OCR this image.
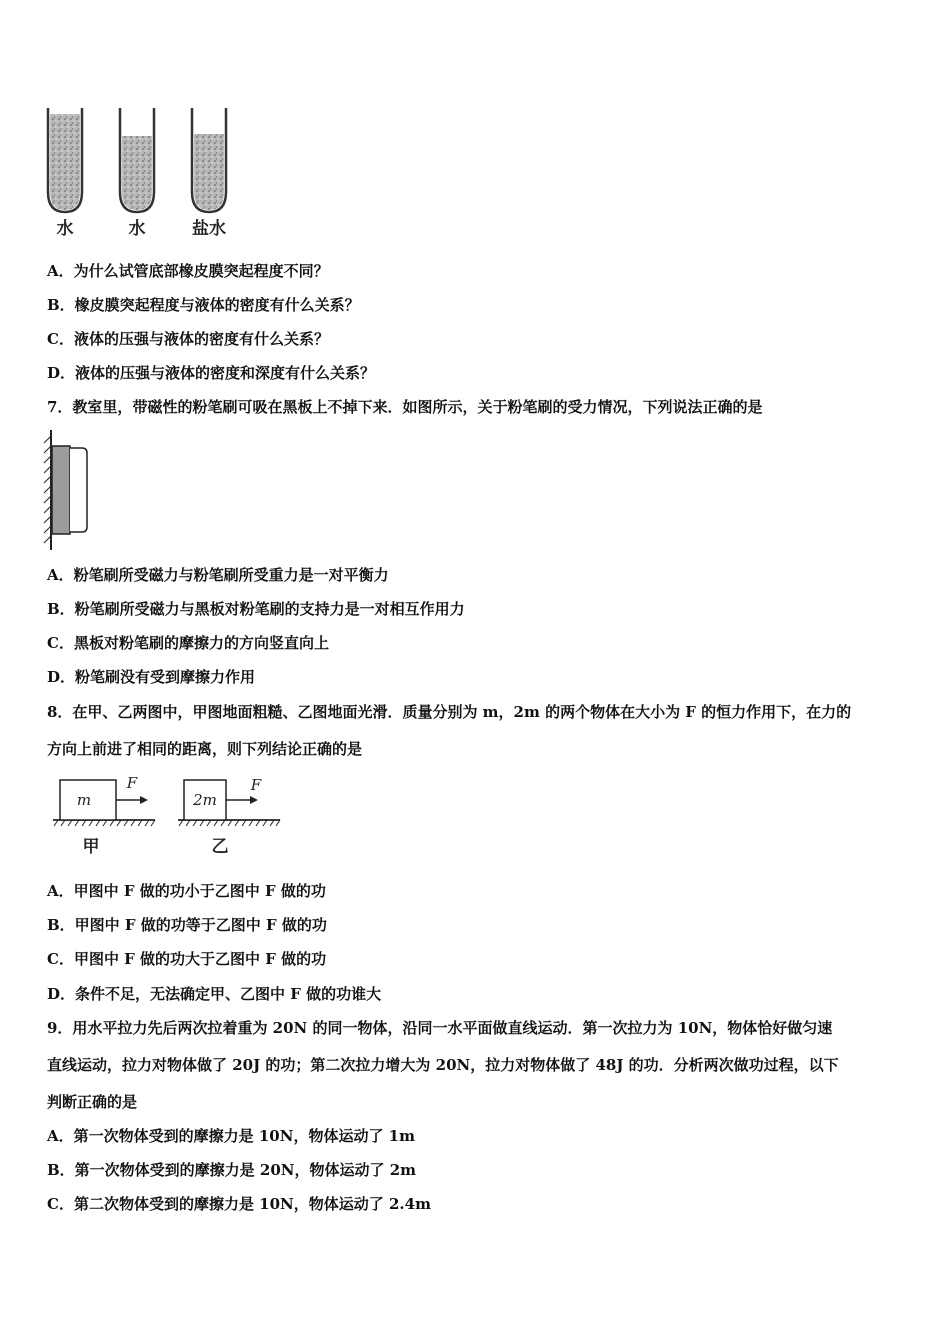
水	水	盐水
A．为什么试管底部橡皮膜突起程度不同？
B．橡皮膜突起程度与液体的密度有什么关系？
C．液体的压强与液体的密度有什么关系？
D．液体的压强与液体的密度和深度有什么关系？
7．教室里，带磁性的粉笔刷可吸在黑板上不掉下来．如图所示，关于粉笔刷的受力情况，下列说法正确的是
A．粉笔刷所受磁力与粉笔刷所受重力是一对平衡力
B．粉笔刷所受磁力与黑板对粉笔刷的支持力是一对相互作用力
C．黑板对粉笔刷的摩擦力的方向竖直向上
D．粉笔刷没有受到摩擦力作用
8．在甲、乙两图中，甲图地面粗糙、乙图地面光滑．质量分别为 m，2m 的两个物体在大小为 F 的恒力作用下，在力的
方向上前进了相同的距离，则下列结论正确的是
m
F
甲
2m
F
乙
A．甲图中 F 做的功小于乙图中 F 做的功
B．甲图中 F 做的功等于乙图中 F 做的功
C．甲图中 F 做的功大于乙图中 F 做的功
D．条件不足，无法确定甲、乙图中 F 做的功谁大
9．用水平拉力先后两次拉着重为 20N 的同一物体，沿同一水平面做直线运动．第一次拉力为 10N，物体恰好做匀速
直线运动，拉力对物体做了 20J 的功；第二次拉力增大为 20N，拉力对物体做了 48J 的功．分析两次做功过程，以下
判断正确的是
A．第一次物体受到的摩擦力是 10N，物体运动了 1m
B．第一次物体受到的摩擦力是 20N，物体运动了 2m
C．第二次物体受到的摩擦力是 10N，物体运动了 2.4m
